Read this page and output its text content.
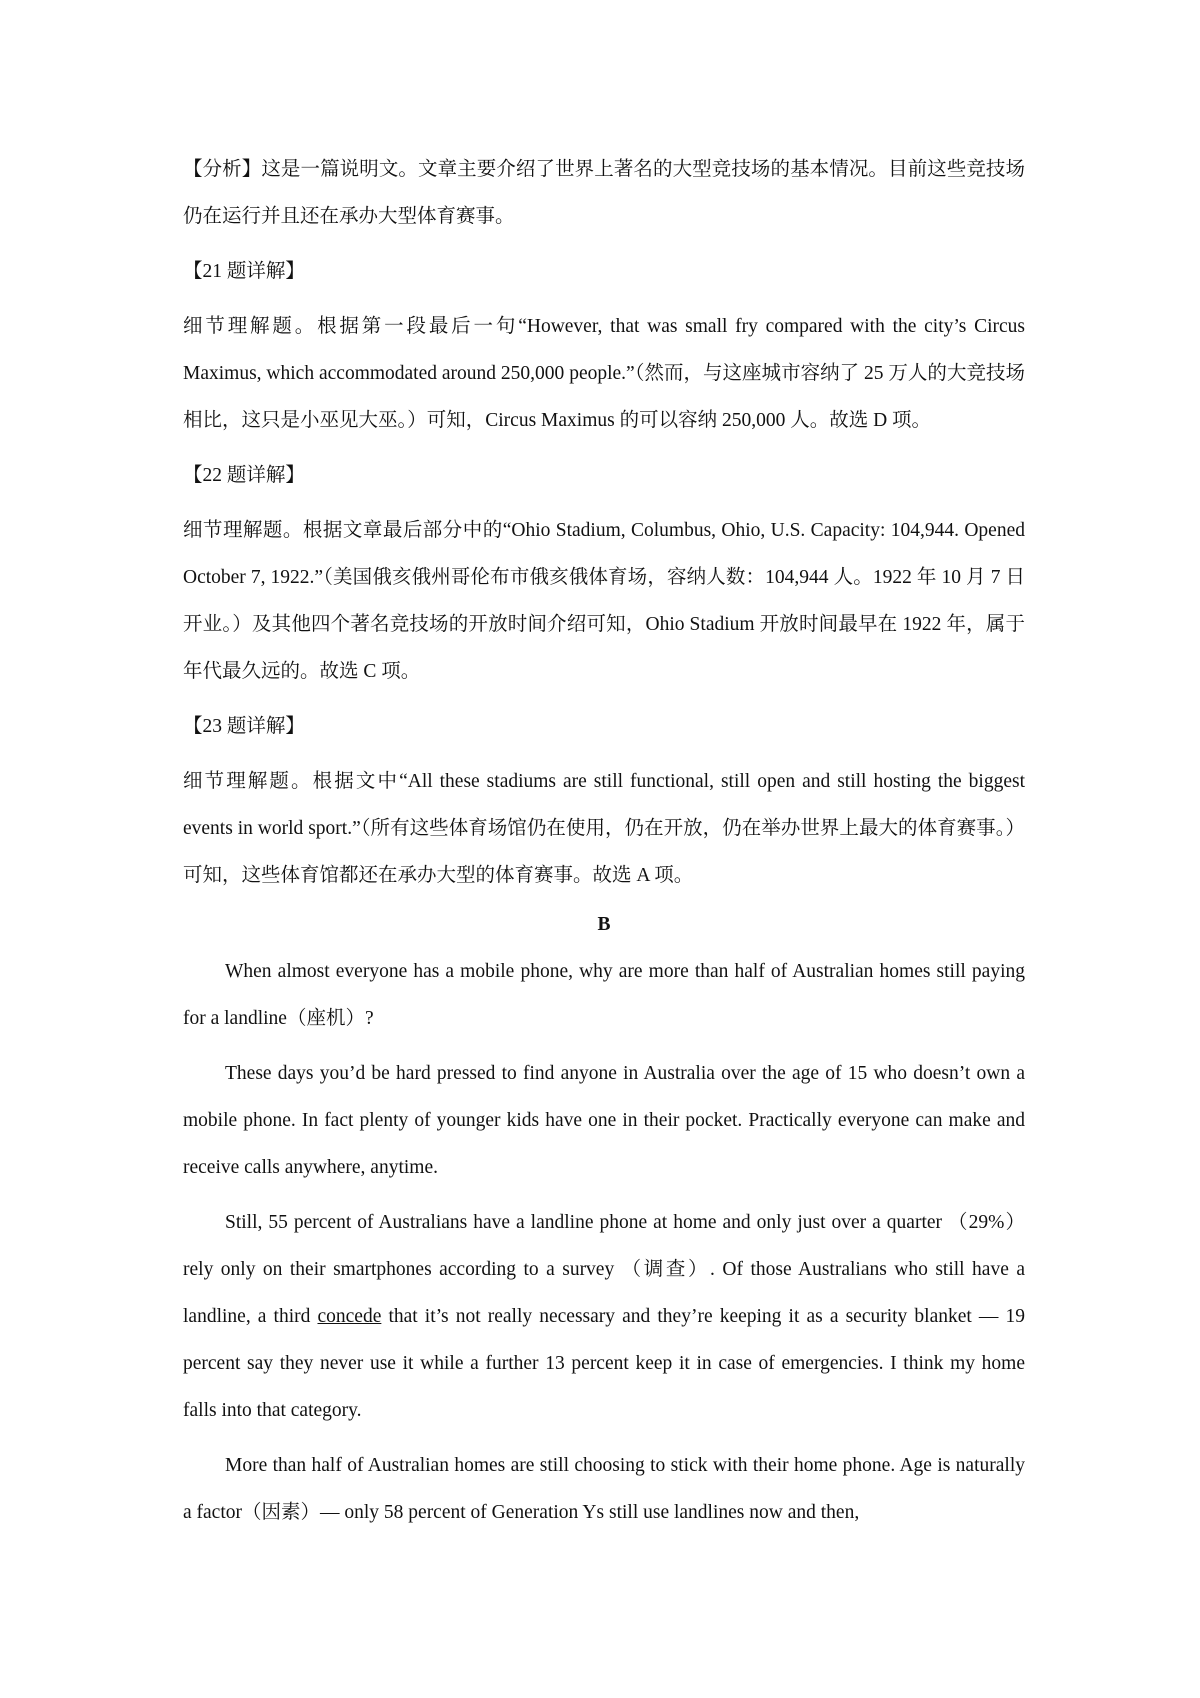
【分析】这是一篇说明文。文章主要介绍了世界上著名的大型竞技场的基本情况。目前这些竞技场仍在运行并且还在承办大型体育赛事。

【21 题详解】

细节理解题。根据第一段最后一句“However, that was small fry compared with the city’s Circus Maximus, which accommodated around 250,000 people.”（然而，与这座城市容纳了 25 万人的大竞技场相比，这只是小巫见大巫。）可知，Circus Maximus 的可以容纳 250,000 人。故选 D 项。

【22 题详解】

细节理解题。根据文章最后部分中的“Ohio Stadium, Columbus, Ohio, U.S. Capacity: 104,944. Opened October 7, 1922.”（美国俄亥俄州哥伦布市俄亥俄体育场，容纳人数：104,944 人。1922 年 10 月 7 日开业。）及其他四个著名竞技场的开放时间介绍可知，Ohio Stadium 开放时间最早在 1922 年，属于年代最久远的。故选 C 项。

【23 题详解】

细节理解题。根据文中“All these stadiums are still functional, still open and still hosting the biggest events in world sport.”（所有这些体育场馆仍在使用，仍在开放，仍在举办世界上最大的体育赛事。）可知，这些体育馆都还在承办大型的体育赛事。故选 A 项。

B

When almost everyone has a mobile phone, why are more than half of Australian homes still paying for a landline（座机）?

These days you’d be hard pressed to find anyone in Australia over the age of 15 who doesn’t own a mobile phone. In fact plenty of younger kids have one in their pocket. Practically everyone can make and receive calls anywhere, anytime.

Still, 55 percent of Australians have a landline phone at home and only just over a quarter （29%） rely only on their smartphones according to a survey （调查）. Of those Australians who still have a landline, a third concede that it’s not really necessary and they’re keeping it as a security blanket — 19 percent say they never use it while a further 13 percent keep it in case of emergencies. I think my home falls into that category.

More than half of Australian homes are still choosing to stick with their home phone. Age is naturally a factor（因素）— only 58 percent of Generation Ys still use landlines now and then,
